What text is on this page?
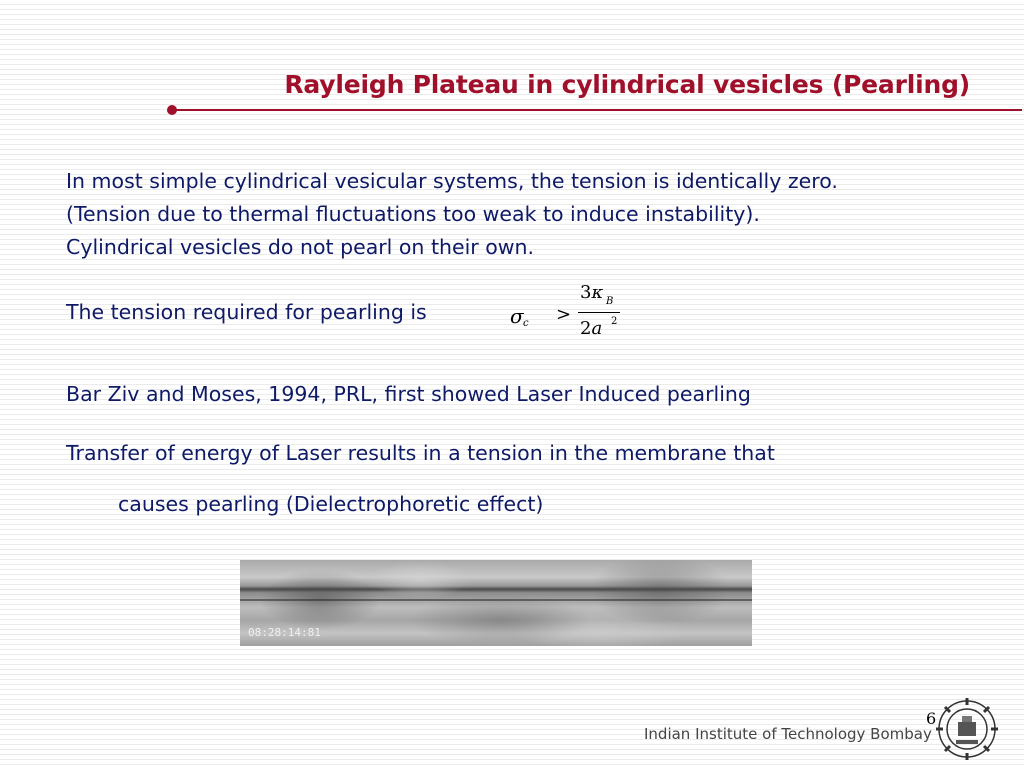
Rayleigh Plateau in cylindrical vesicles (Pearling)
In most simple cylindrical vesicular systems, the tension is identically zero.
(Tension due to thermal fluctuations too weak to induce instability).
Cylindrical vesicles do not pearl on their own.
The tension required for pearling is	σ c >
3κ B
2a 2
Bar Ziv and Moses, 1994, PRL, first showed Laser Induced pearling
Transfer of energy of Laser results in a tension in the membrane that
causes pearling (Dielectrophoretic effect)
08:28:14:81
6
Indian Institute of Technology Bombay
